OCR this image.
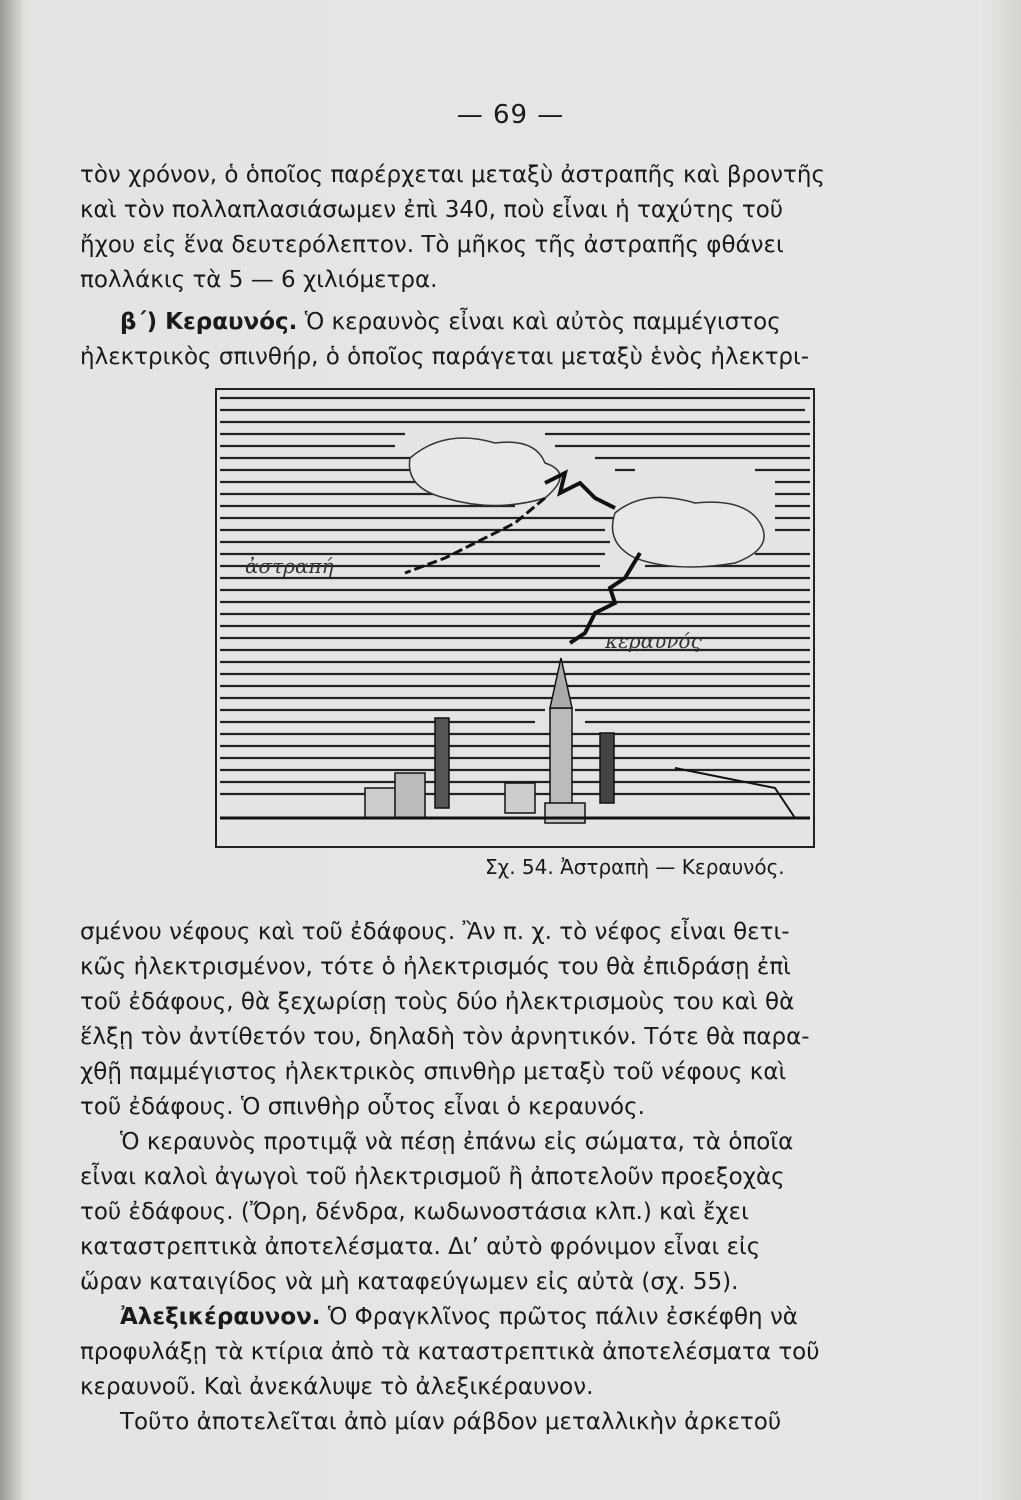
— 69 —
τὸν χρόνον, ὁ ὁποῖος παρέρχεται μεταξὺ ἀστραπῆς καὶ βροντῆς
καὶ τὸν πολλαπλασιάσωμεν ἐπὶ 340, ποὺ εἶναι ἡ ταχύτης τοῦ
ἤχου εἰς ἕνα δευτερόλεπτον. Τὸ μῆκος τῆς ἀστραπῆς φθάνει
πολλάκις τὰ 5 — 6 χιλιόμετρα.
β΄) Κεραυνός. Ὁ κεραυνὸς εἶναι καὶ αὐτὸς παμμέγιστος
ἠλεκτρικὸς σπινθήρ, ὁ ὁποῖος παράγεται μεταξὺ ἑνὸς ἠλεκτρι-
ἀστραπή
κεραυνός
Σχ. 54. Ἀστραπὴ — Κεραυνός.
σμένου νέφους καὶ τοῦ ἐδάφους. Ἂν π. χ. τὸ νέφος εἶναι θετι-
κῶς ἠλεκτρισμένον, τότε ὁ ἠλεκτρισμός του θὰ ἐπιδράσῃ ἐπὶ
τοῦ ἐδάφους, θὰ ξεχωρίσῃ τοὺς δύο ἠλεκτρισμοὺς του καὶ θὰ
ἕλξῃ τὸν ἀντίθετόν του, δηλαδὴ τὸν ἀρνητικόν. Τότε θὰ παρα-
χθῇ παμμέγιστος ἠλεκτρικὸς σπινθὴρ μεταξὺ τοῦ νέφους καὶ
τοῦ ἐδάφους. Ὁ σπινθὴρ οὗτος εἶναι ὁ κεραυνός.
Ὁ κεραυνὸς προτιμᾷ νὰ πέσῃ ἐπάνω εἰς σώματα, τὰ ὁποῖα
εἶναι καλοὶ ἀγωγοὶ τοῦ ἠλεκτρισμοῦ ἢ ἀποτελοῦν προεξοχὰς
τοῦ ἐδάφους. (Ὄρη, δένδρα, κωδωνοστάσια κλπ.) καὶ ἔχει
καταστρεπτικὰ ἀποτελέσματα. Δι’ αὐτὸ φρόνιμον εἶναι εἰς
ὥραν καταιγίδος νὰ μὴ καταφεύγωμεν εἰς αὐτὰ (σχ. 55).
Ἀλεξικέραυνον. Ὁ Φραγκλῖνος πρῶτος πάλιν ἐσκέφθη νὰ
προφυλάξῃ τὰ κτίρια ἀπὸ τὰ καταστρεπτικὰ ἀποτελέσματα τοῦ
κεραυνοῦ. Καὶ ἀνεκάλυψε τὸ ἀλεξικέραυνον.
Τοῦτο ἀποτελεῖται ἀπὸ μίαν ράβδον μεταλλικὴν ἀρκετοῦ
